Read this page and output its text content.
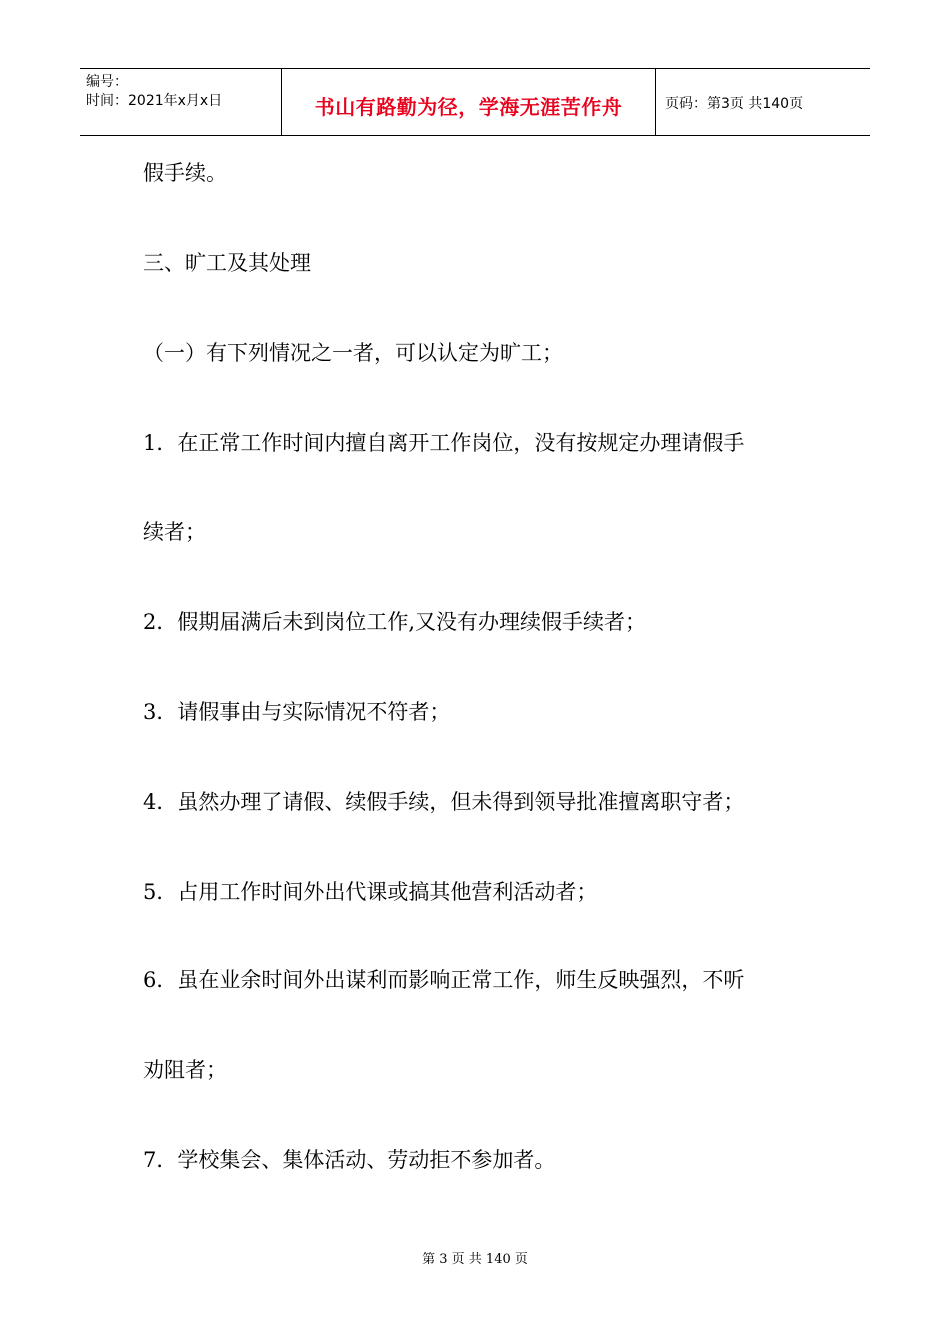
编号：
时间：2021年x月x日	书山有路勤为径，学海无涯苦作舟	页码：第3页 共140页
假手续。
三、旷工及其处理
（一）有下列情况之一者，可以认定为旷工；
1．在正常工作时间内擅自离开工作岗位，没有按规定办理请假手
续者；
2．假期届满后未到岗位工作,又没有办理续假手续者；
3．请假事由与实际情况不符者；
4．虽然办理了请假、续假手续，但未得到领导批准擅离职守者；
5．占用工作时间外出代课或搞其他营利活动者；
6．虽在业余时间外出谋利而影响正常工作，师生反映强烈，不听
劝阻者；
7．学校集会、集体活动、劳动拒不参加者。
第 3 页 共 140 页
